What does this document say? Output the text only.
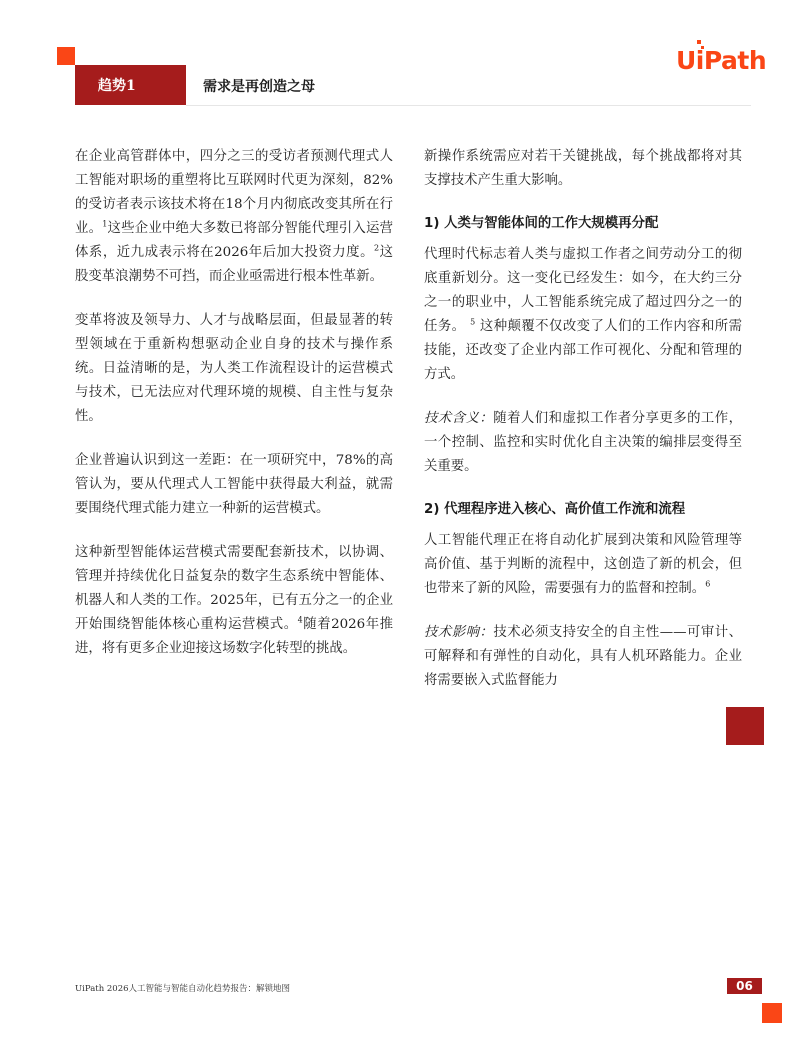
趋势1	需求是再创造之母
UiPath

在企业高管群体中，四分之三的受访者预测代理式人工智能对职场的重塑将比互联网时代更为深刻，82%的受访者表示该技术将在18个月内彻底改变其所在行业。$^1$这些企业中绝大多数已将部分智能代理引入运营体系，近九成表示将在2026年后加大投资力度。$^2$这股变革浪潮势不可挡，而企业亟需进行根本性革新。

变革将波及领导力、人才与战略层面，但最显著的转型领域在于重新构想驱动企业自身的技术与操作系统。日益清晰的是，为人类工作流程设计的运营模式与技术，已无法应对代理环境的规模、自主性与复杂性。

企业普遍认识到这一差距：在一项研究中，78%的高管认为，要从代理式人工智能中获得最大利益，就需要围绕代理式能力建立一种新的运营模式。

这种新型智能体运营模式需要配套新技术，以协调、管理并持续优化日益复杂的数字生态系统中智能体、机器人和人类的工作。2025年，已有五分之一的企业开始围绕智能体核心重构运营模式。$^4$随着2026年推进，将有更多企业迎接这场数字化转型的挑战。

新操作系统需应对若干关键挑战，每个挑战都将对其支撑技术产生重大影响。

1) 人类与智能体间的工作大规模再分配

代理时代标志着人类与虚拟工作者之间劳动分工的彻底重新划分。这一变化已经发生：如今，在大约三分之一的职业中，人工智能系统完成了超过四分之一的任务。 $^5$ 这种颠覆不仅改变了人们的工作内容和所需技能，还改变了企业内部工作可视化、分配和管理的方式。

技术含义：随着人们和虚拟工作者分享更多的工作，一个控制、监控和实时优化自主决策的编排层变得至关重要。

2) 代理程序进入核心、高价值工作流和流程

人工智能代理正在将自动化扩展到决策和风险管理等高价值、基于判断的流程中，这创造了新的机会，但也带来了新的风险，需要强有力的监督和控制。$^6$

技术影响：技术必须支持安全的自主性——可审计、可解释和有弹性的自动化，具有人机环路能力。企业将需要嵌入式监督能力

UiPath 2026人工智能与智能自动化趋势报告：解锁地图	06
